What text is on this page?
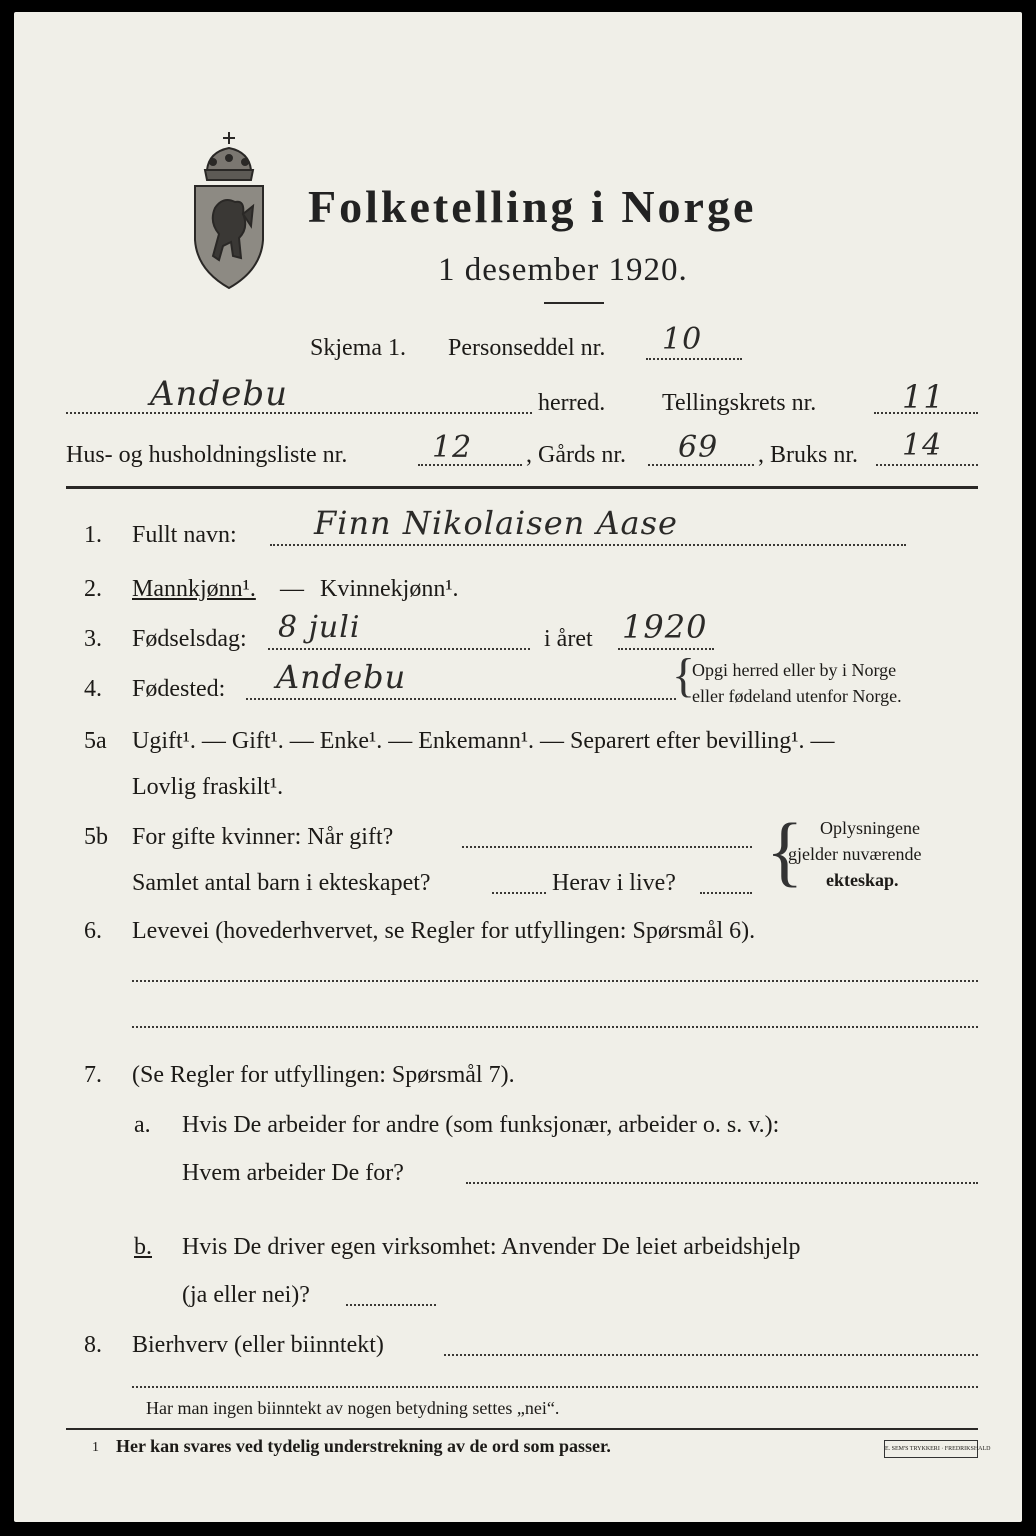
Folketelling i Norge
1 desember 1920.
Skjema 1. Personseddel nr. 10
Andebu	herred. Tellingskrets nr.	11
Hus- og husholdningsliste nr.	12 , Gårds nr. 69 , Bruks nr. 14
1. Fullt navn: Finn Nikolaisen Aase
2. Mannkjønn¹. — Kvinnekjønn¹.
3. Fødselsdag: 8 juli	i året 1920
4. Fødested: Andebu	{
Opgi herred eller by i Norge
eller fødeland utenfor Norge.
5a Ugift¹. — Gift¹. — Enke¹. — Enkemann¹. — Separert efter bevilling¹. —
Lovlig fraskilt¹.
5b For gifte kvinner: Når gift?
Samlet antal barn i ekteskapet?	Herav i live? { Oplysningene
gjelder nuværende
ekteskap.
6. Levevei (hovederhvervet, se Regler for utfyllingen: Spørsmål 6).
7. (Se Regler for utfyllingen: Spørsmål 7).
a. Hvis De arbeider for andre (som funksjonær, arbeider o. s. v.):
Hvem arbeider De for?
b. Hvis De driver egen virksomhet: Anvender De leiet arbeidshjelp
(ja eller nei)?
8. Bierhverv (eller biinntekt)
Har man ingen biinntekt av nogen betydning settes „nei“.
1 Her kan svares ved tydelig understrekning av de ord som passer.	E. SEM'S TRYKKERI · FREDRIKSHALD
